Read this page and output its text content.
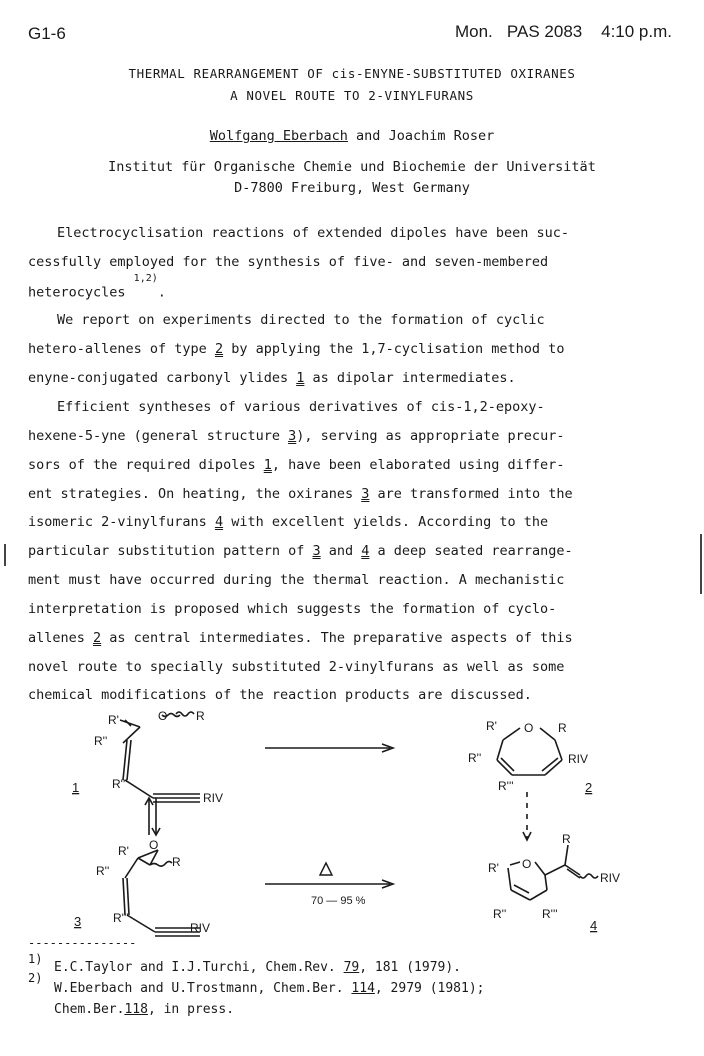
G1-6	Mon.   PAS 2083    4:10 p.m.
THERMAL REARRANGEMENT OF cis-ENYNE-SUBSTITUTED OXIRANES
A NOVEL ROUTE TO 2-VINYLFURANS
Wolfgang Eberbach and Joachim Roser
Institut für Organische Chemie und Biochemie der Universität
D-7800 Freiburg, West Germany
Electrocyclisation reactions of extended dipoles have been suc-
cessfully employed for the synthesis of five- and seven-membered
heterocycles $^{1,2)}$.
We report on experiments directed to the formation of cyclic
hetero-allenes of type 2 by applying the 1,7-cyclisation method to
enyne-conjugated carbonyl ylides 1 as dipolar intermediates.
Efficient syntheses of various derivatives of cis-1,2-epoxy-
hexene-5-yne (general structure 3), serving as appropriate precur-
sors of the required dipoles 1, have been elaborated using differ-
ent strategies. On heating, the oxiranes 3 are transformed into the
isomeric 2-vinylfurans 4 with excellent yields. According to the
particular substitution pattern of 3 and 4 a deep seated rearrange-
ment must have occurred during the thermal reaction. A mechanistic
interpretation is proposed which suggests the formation of cyclo-
allenes 2 as central intermediates. The preparative aspects of this
novel route to specially substituted 2-vinylfurans as well as some
chemical modifications of the reaction products are discussed.
R'	O R
R''
R'''
RIV
1
R' O
R
R''
R'''
RIV
3
R' O R
R''	RIV
R'''	2
70 — 95 %
R' O
R
RIV
R''	R'''
4
---------------
1)
2)
E.C.Taylor and I.J.Turchi, Chem.Rev. 79, 181 (1979).
W.Eberbach and U.Trostmann, Chem.Ber. 114, 2979 (1981);
Chem.Ber.118, in press.
